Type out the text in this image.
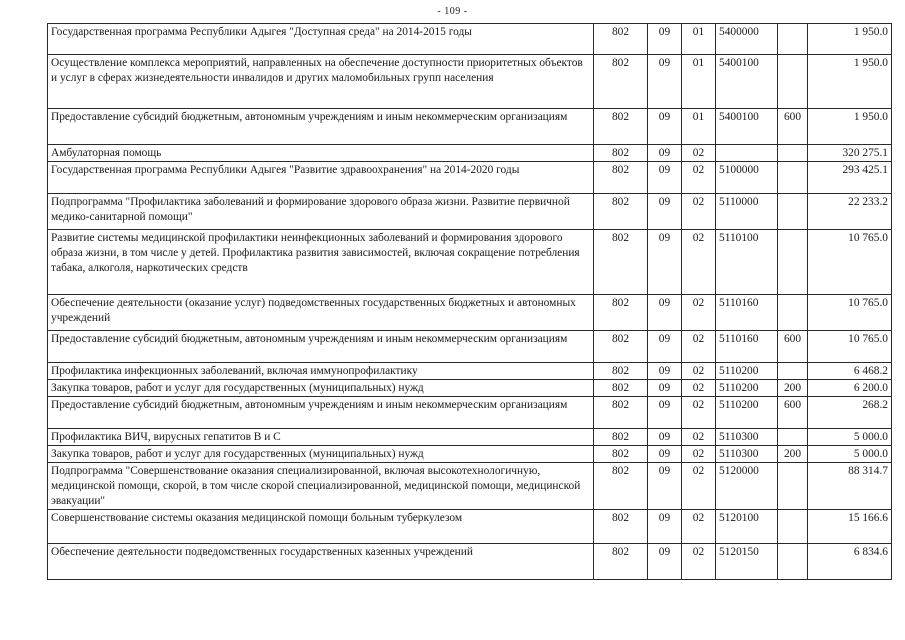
- 109 -
Государственная программа Республики Адыгея "Доступная среда" на 2014-2015 годы	802	09	01	5400000		1 950.0
Осуществление комплекса мероприятий, направленных на обеспечение доступности приоритетных объектов и услуг в сферах жизнедеятельности инвалидов и других маломобильных групп населения	802	09	01	5400100		1 950.0
Предоставление субсидий бюджетным, автономным учреждениям и иным некоммерческим организациям	802	09	01	5400100	600	1 950.0
Амбулаторная помощь	802	09	02			320 275.1
Государственная программа Республики Адыгея "Развитие здравоохранения" на 2014-2020 годы	802	09	02	5100000		293 425.1
Подпрограмма "Профилактика заболеваний и формирование здорового образа жизни. Развитие первичной медико-санитарной помощи"	802	09	02	5110000		22 233.2
Развитие системы медицинской профилактики неинфекционных заболеваний и формирования здорового образа жизни, в том числе у детей. Профилактика развития зависимостей, включая сокращение потребления табака, алкоголя, наркотических средств	802	09	02	5110100		10 765.0
Обеспечение деятельности (оказание услуг) подведомственных государственных бюджетных и автономных учреждений	802	09	02	5110160		10 765.0
Предоставление субсидий бюджетным, автономным учреждениям и иным некоммерческим организациям	802	09	02	5110160	600	10 765.0
Профилактика инфекционных заболеваний, включая иммунопрофилактику	802	09	02	5110200		6 468.2
Закупка товаров, работ и услуг для государственных (муниципальных) нужд	802	09	02	5110200	200	6 200.0
Предоставление субсидий бюджетным, автономным учреждениям и иным некоммерческим организациям	802	09	02	5110200	600	268.2
Профилактика ВИЧ, вирусных гепатитов В и С	802	09	02	5110300		5 000.0
Закупка товаров, работ и услуг для государственных (муниципальных) нужд	802	09	02	5110300	200	5 000.0
Подпрограмма "Совершенствование оказания специализированной, включая высокотехнологичную, медицинской помощи, скорой, в том числе скорой специализированной, медицинской помощи, медицинской эвакуации"	802	09	02	5120000		88 314.7
Совершенствование системы оказания медицинской помощи больным туберкулезом	802	09	02	5120100		15 166.6
Обеспечение деятельности подведомственных государственных казенных учреждений	802	09	02	5120150		6 834.6
